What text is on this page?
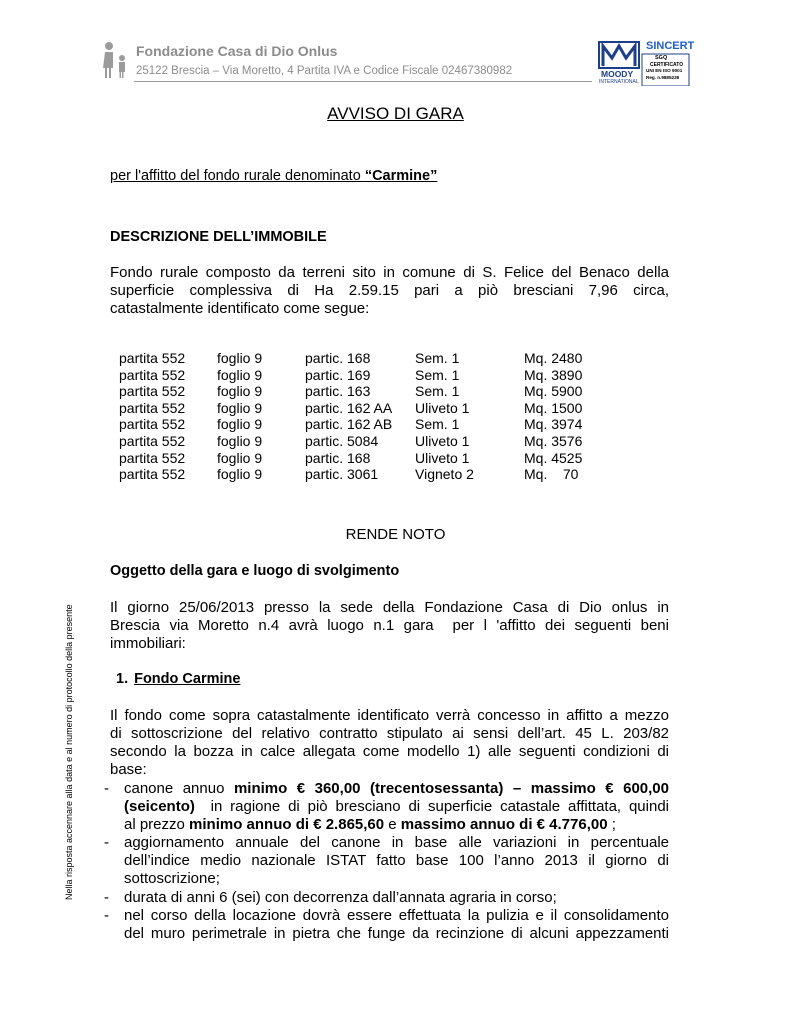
Fondazione Casa di Dio Onlus
25122 Brescia – Via Moretto, 4 Partita IVA e Codice Fiscale 02467380982
SINCERT
SGQ
CERTIFICATO
UNI EN ISO 9001
Reg. n.9885239
MOODY
INTERNATIONAL
AVVISO DI GARA
per l'affitto del fondo rurale denominato “Carmine”
DESCRIZIONE DELL’IMMOBILE
Fondo rurale composto da terreni sito in comune di S. Felice del Benaco della
superficie complessiva di Ha 2.59.15 pari a piò bresciani 7,96 circa,
catastalmente identificato come segue:
partita 552 foglio 9	partic. 168	Sem. 1	Mq. 2480
partita 552 foglio 9	partic. 169	Sem. 1	Mq. 3890
partita 552 foglio 9	partic. 163	Sem. 1	Mq. 5900
partita 552 foglio 9	partic. 162 AA Uliveto 1	Mq. 1500
partita 552 foglio 9	partic. 162 AB Sem. 1	Mq. 3974
partita 552 foglio 9	partic. 5084	Uliveto 1	Mq. 3576
partita 552 foglio 9	partic. 168	Uliveto 1	Mq. 4525
partita 552 foglio 9	partic. 3061	Vigneto 2	Mq.    70
RENDE NOTO
Oggetto della gara e luogo di svolgimento
Il giorno 25/06/2013 presso la sede della Fondazione Casa di Dio onlus in
Brescia via Moretto n.4 avrà luogo n.1 gara  per l 'affitto dei seguenti beni
immobiliari:
1. Fondo Carmine
Il fondo come sopra catastalmente identificato verrà concesso in affitto a mezzo
di sottoscrizione del relativo contratto stipulato ai sensi dell’art. 45 L. 203/82
secondo la bozza in calce allegata come modello 1) alle seguenti condizioni di
base:
- canone annuo minimo € 360,00 (trecentosessanta) – massimo € 600,00
(seicento)  in ragione di piò bresciano di superficie catastale affittata, quindi
al prezzo minimo annuo di € 2.865,60 e massimo annuo di € 4.776,00 ;
- aggiornamento annuale del canone in base alle variazioni in percentuale
dell’indice medio nazionale ISTAT fatto base 100 l’anno 2013 il giorno di
sottoscrizione;
- durata di anni 6 (sei) con decorrenza dall’annata agraria in corso;
- nel corso della locazione dovrà essere effettuata la pulizia e il consolidamento
del muro perimetrale in pietra che funge da recinzione di alcuni appezzamenti
Nella risposta accennare alla data e al numero di protocollo della presente
